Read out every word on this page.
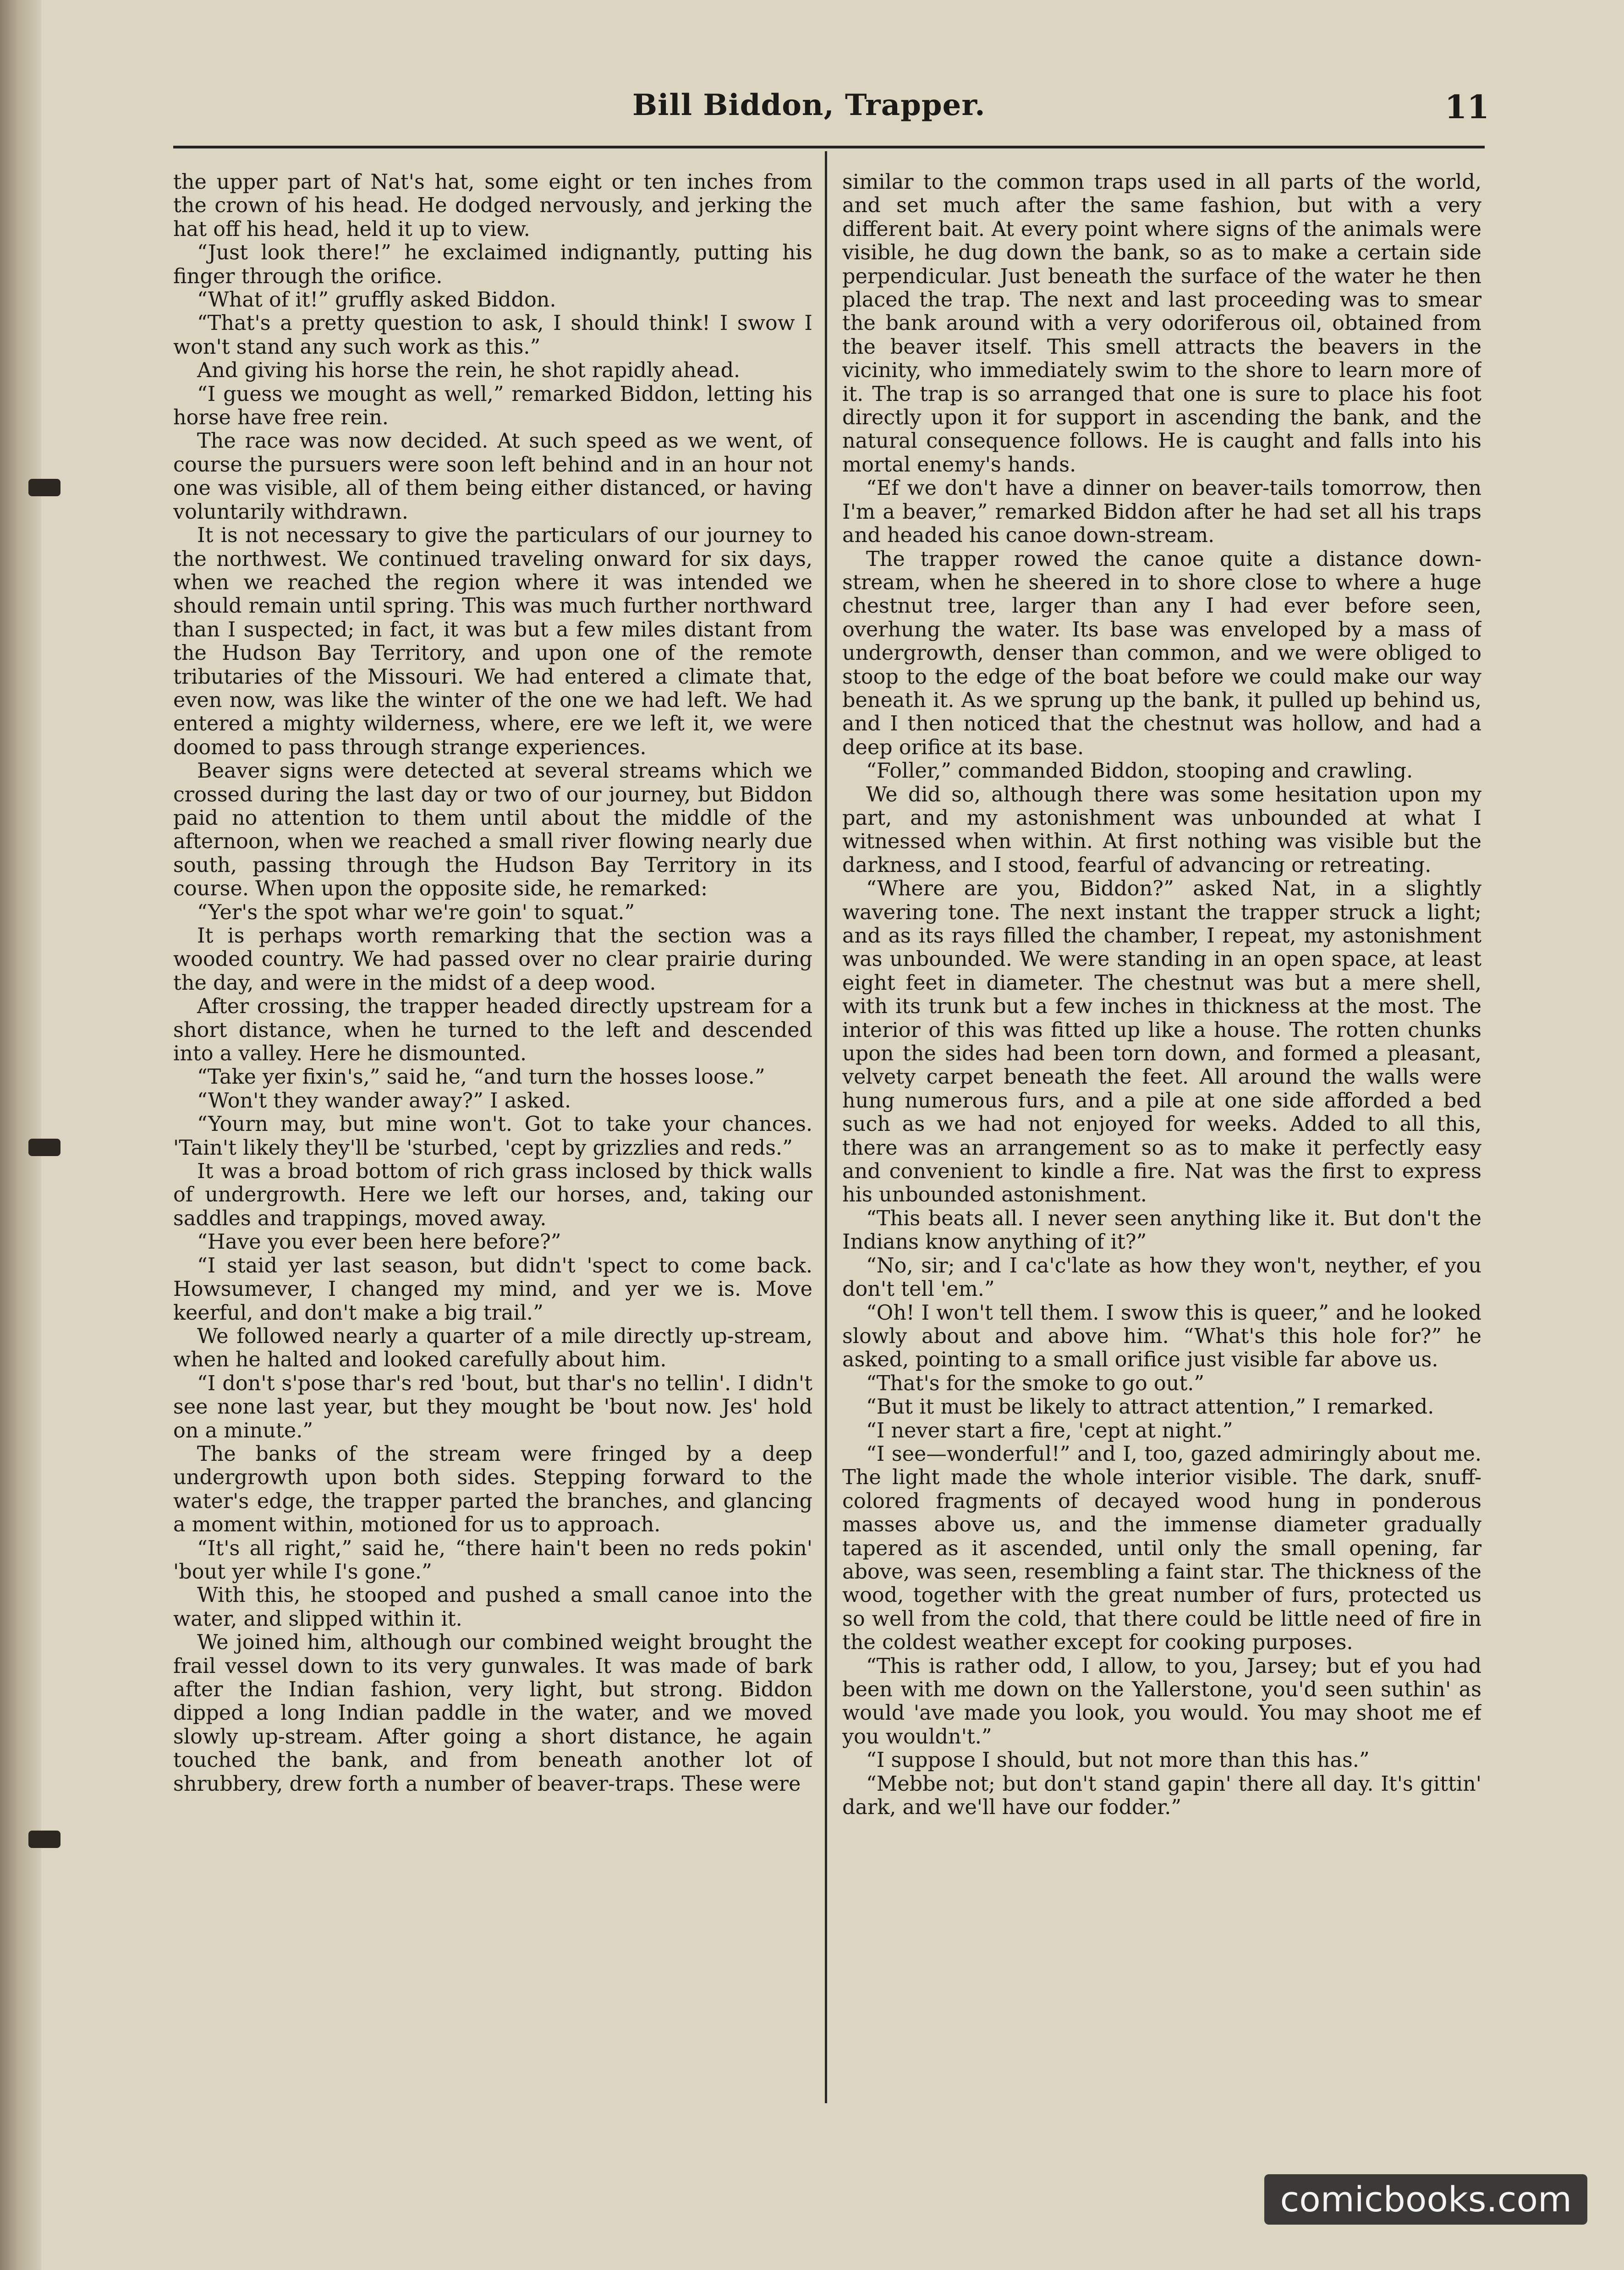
Bill Biddon, Trapper.	11

the upper part of Nat's hat, some eight or ten inches from the crown of his head. He dodged nervously, and jerking the hat off his head, held it up to view.

“Just look there!” he exclaimed indignantly, putting his finger through the orifice.

“What of it!” gruffly asked Biddon.

“That's a pretty question to ask, I should think! I swow I won't stand any such work as this.”

And giving his horse the rein, he shot rapidly ahead.

“I guess we mought as well,” remarked Biddon, letting his horse have free rein.

The race was now decided. At such speed as we went, of course the pursuers were soon left behind and in an hour not one was visible, all of them being either distanced, or having voluntarily withdrawn.

It is not necessary to give the particulars of our journey to the northwest. We continued traveling onward for six days, when we reached the region where it was intended we should remain until spring. This was much further northward than I suspected; in fact, it was but a few miles distant from the Hudson Bay Territory, and upon one of the remote tributaries of the Missouri. We had entered a climate that, even now, was like the winter of the one we had left. We had entered a mighty wilderness, where, ere we left it, we were doomed to pass through strange experiences.

Beaver signs were detected at several streams which we crossed during the last day or two of our journey, but Biddon paid no attention to them until about the middle of the afternoon, when we reached a small river flowing nearly due south, passing through the Hudson Bay Territory in its course. When upon the opposite side, he remarked:

“Yer's the spot whar we're goin' to squat.”

It is perhaps worth remarking that the section was a wooded country. We had passed over no clear prairie during the day, and were in the midst of a deep wood.

After crossing, the trapper headed directly upstream for a short distance, when he turned to the left and descended into a valley. Here he dismounted.

“Take yer fixin's,” said he, “and turn the hosses loose.”

“Won't they wander away?” I asked.

“Yourn may, but mine won't. Got to take your chances. 'Tain't likely they'll be 'sturbed, 'cept by grizzlies and reds.”

It was a broad bottom of rich grass inclosed by thick walls of undergrowth. Here we left our horses, and, taking our saddles and trappings, moved away.

“Have you ever been here before?”

“I staid yer last season, but didn't 'spect to come back. Howsumever, I changed my mind, and yer we is. Move keerful, and don't make a big trail.”

We followed nearly a quarter of a mile directly up-stream, when he halted and looked carefully about him.

“I don't s'pose thar's red 'bout, but thar's no tellin'. I didn't see none last year, but they mought be 'bout now. Jes' hold on a minute.”

The banks of the stream were fringed by a deep undergrowth upon both sides. Stepping forward to the water's edge, the trapper parted the branches, and glancing a moment within, motioned for us to approach.

“It's all right,” said he, “there hain't been no reds pokin' 'bout yer while I's gone.”

With this, he stooped and pushed a small canoe into the water, and slipped within it.

We joined him, although our combined weight brought the frail vessel down to its very gunwales. It was made of bark after the Indian fashion, very light, but strong. Biddon dipped a long Indian paddle in the water, and we moved slowly up-stream. After going a short distance, he again touched the bank, and from beneath another lot of shrubbery, drew forth a number of beaver-traps. These were

similar to the common traps used in all parts of the world, and set much after the same fashion, but with a very different bait. At every point where signs of the animals were visible, he dug down the bank, so as to make a certain side perpendicular. Just beneath the surface of the water he then placed the trap. The next and last proceeding was to smear the bank around with a very odoriferous oil, obtained from the beaver itself. This smell attracts the beavers in the vicinity, who immediately swim to the shore to learn more of it. The trap is so arranged that one is sure to place his foot directly upon it for support in ascending the bank, and the natural consequence follows. He is caught and falls into his mortal enemy's hands.

“Ef we don't have a dinner on beaver-tails tomorrow, then I'm a beaver,” remarked Biddon after he had set all his traps and headed his canoe down-stream.

The trapper rowed the canoe quite a distance down-stream, when he sheered in to shore close to where a huge chestnut tree, larger than any I had ever before seen, overhung the water. Its base was enveloped by a mass of undergrowth, denser than common, and we were obliged to stoop to the edge of the boat before we could make our way beneath it. As we sprung up the bank, it pulled up behind us, and I then noticed that the chestnut was hollow, and had a deep orifice at its base.

“Foller,” commanded Biddon, stooping and crawling.

We did so, although there was some hesitation upon my part, and my astonishment was unbounded at what I witnessed when within. At first nothing was visible but the darkness, and I stood, fearful of advancing or retreating.

“Where are you, Biddon?” asked Nat, in a slightly wavering tone. The next instant the trapper struck a light; and as its rays filled the chamber, I repeat, my astonishment was unbounded. We were standing in an open space, at least eight feet in diameter. The chestnut was but a mere shell, with its trunk but a few inches in thickness at the most. The interior of this was fitted up like a house. The rotten chunks upon the sides had been torn down, and formed a pleasant, velvety carpet beneath the feet. All around the walls were hung numerous furs, and a pile at one side afforded a bed such as we had not enjoyed for weeks. Added to all this, there was an arrangement so as to make it perfectly easy and convenient to kindle a fire. Nat was the first to express his unbounded astonishment.

“This beats all. I never seen anything like it. But don't the Indians know anything of it?”

“No, sir; and I ca'c'late as how they won't, neyther, ef you don't tell 'em.”

“Oh! I won't tell them. I swow this is queer,” and he looked slowly about and above him. “What's this hole for?” he asked, pointing to a small orifice just visible far above us.

“That's for the smoke to go out.”

“But it must be likely to attract attention,” I remarked.

“I never start a fire, 'cept at night.”

“I see—wonderful!” and I, too, gazed admiringly about me. The light made the whole interior visible. The dark, snuff-colored fragments of decayed wood hung in ponderous masses above us, and the immense diameter gradually tapered as it ascended, until only the small opening, far above, was seen, resembling a faint star. The thickness of the wood, together with the great number of furs, protected us so well from the cold, that there could be little need of fire in the coldest weather except for cooking purposes.

“This is rather odd, I allow, to you, Jarsey; but ef you had been with me down on the Yallerstone, you'd seen suthin' as would 'ave made you look, you would. You may shoot me ef you wouldn't.”

“I suppose I should, but not more than this has.”

“Mebbe not; but don't stand gapin' there all day. It's gittin' dark, and we'll have our fodder.”

comicbooks.com
